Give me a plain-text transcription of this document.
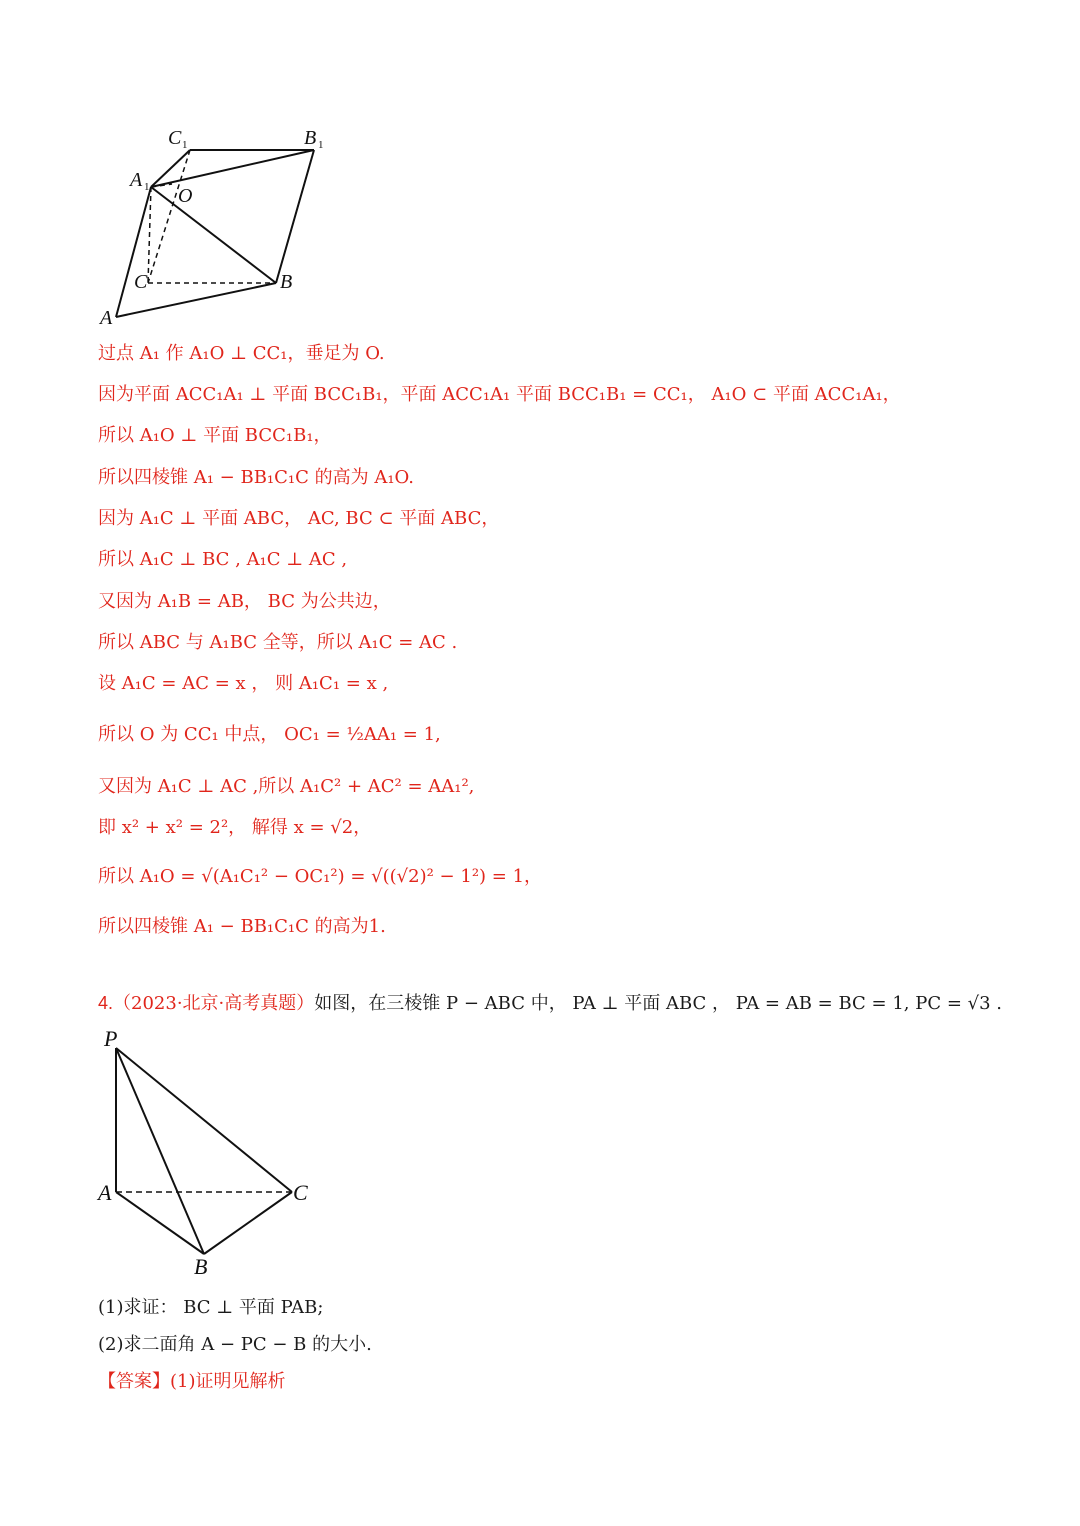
C 1	B 1
A 1 O
C	B
A
过点 A₁ 作 A₁O ⊥ CC₁，垂足为 O.
因为平面 ACC₁A₁ ⊥ 平面 BCC₁B₁，平面 ACC₁A₁ 平面 BCC₁B₁ = CC₁， A₁O ⊂ 平面 ACC₁A₁，
所以 A₁O ⊥ 平面 BCC₁B₁，
所以四棱锥 A₁ − BB₁C₁C 的高为 A₁O.
因为 A₁C ⊥ 平面 ABC， AC, BC ⊂ 平面 ABC，
所以 A₁C ⊥ BC , A₁C ⊥ AC ,
又因为 A₁B = AB， BC 为公共边，
所以 ABC 与 A₁BC 全等，所以 A₁C = AC .
设 A₁C = AC = x ， 则 A₁C₁ = x ,
所以 O 为 CC₁ 中点， OC₁ = ½AA₁ = 1,
又因为 A₁C ⊥ AC ,所以 A₁C² + AC² = AA₁²,
即 x² + x² = 2²， 解得 x = √2，
所以 A₁O = √(A₁C₁² − OC₁²) = √((√2)² − 1²) = 1，
所以四棱锥 A₁ − BB₁C₁C 的高为1.
4.（2023·北京·高考真题）如图，在三棱锥 P − ABC 中， PA ⊥ 平面 ABC ， PA = AB = BC = 1, PC = √3 .
P
A	C
B
(1)求证： BC ⊥ 平面 PAB;
(2)求二面角 A − PC − B 的大小.
【答案】(1)证明见解析
